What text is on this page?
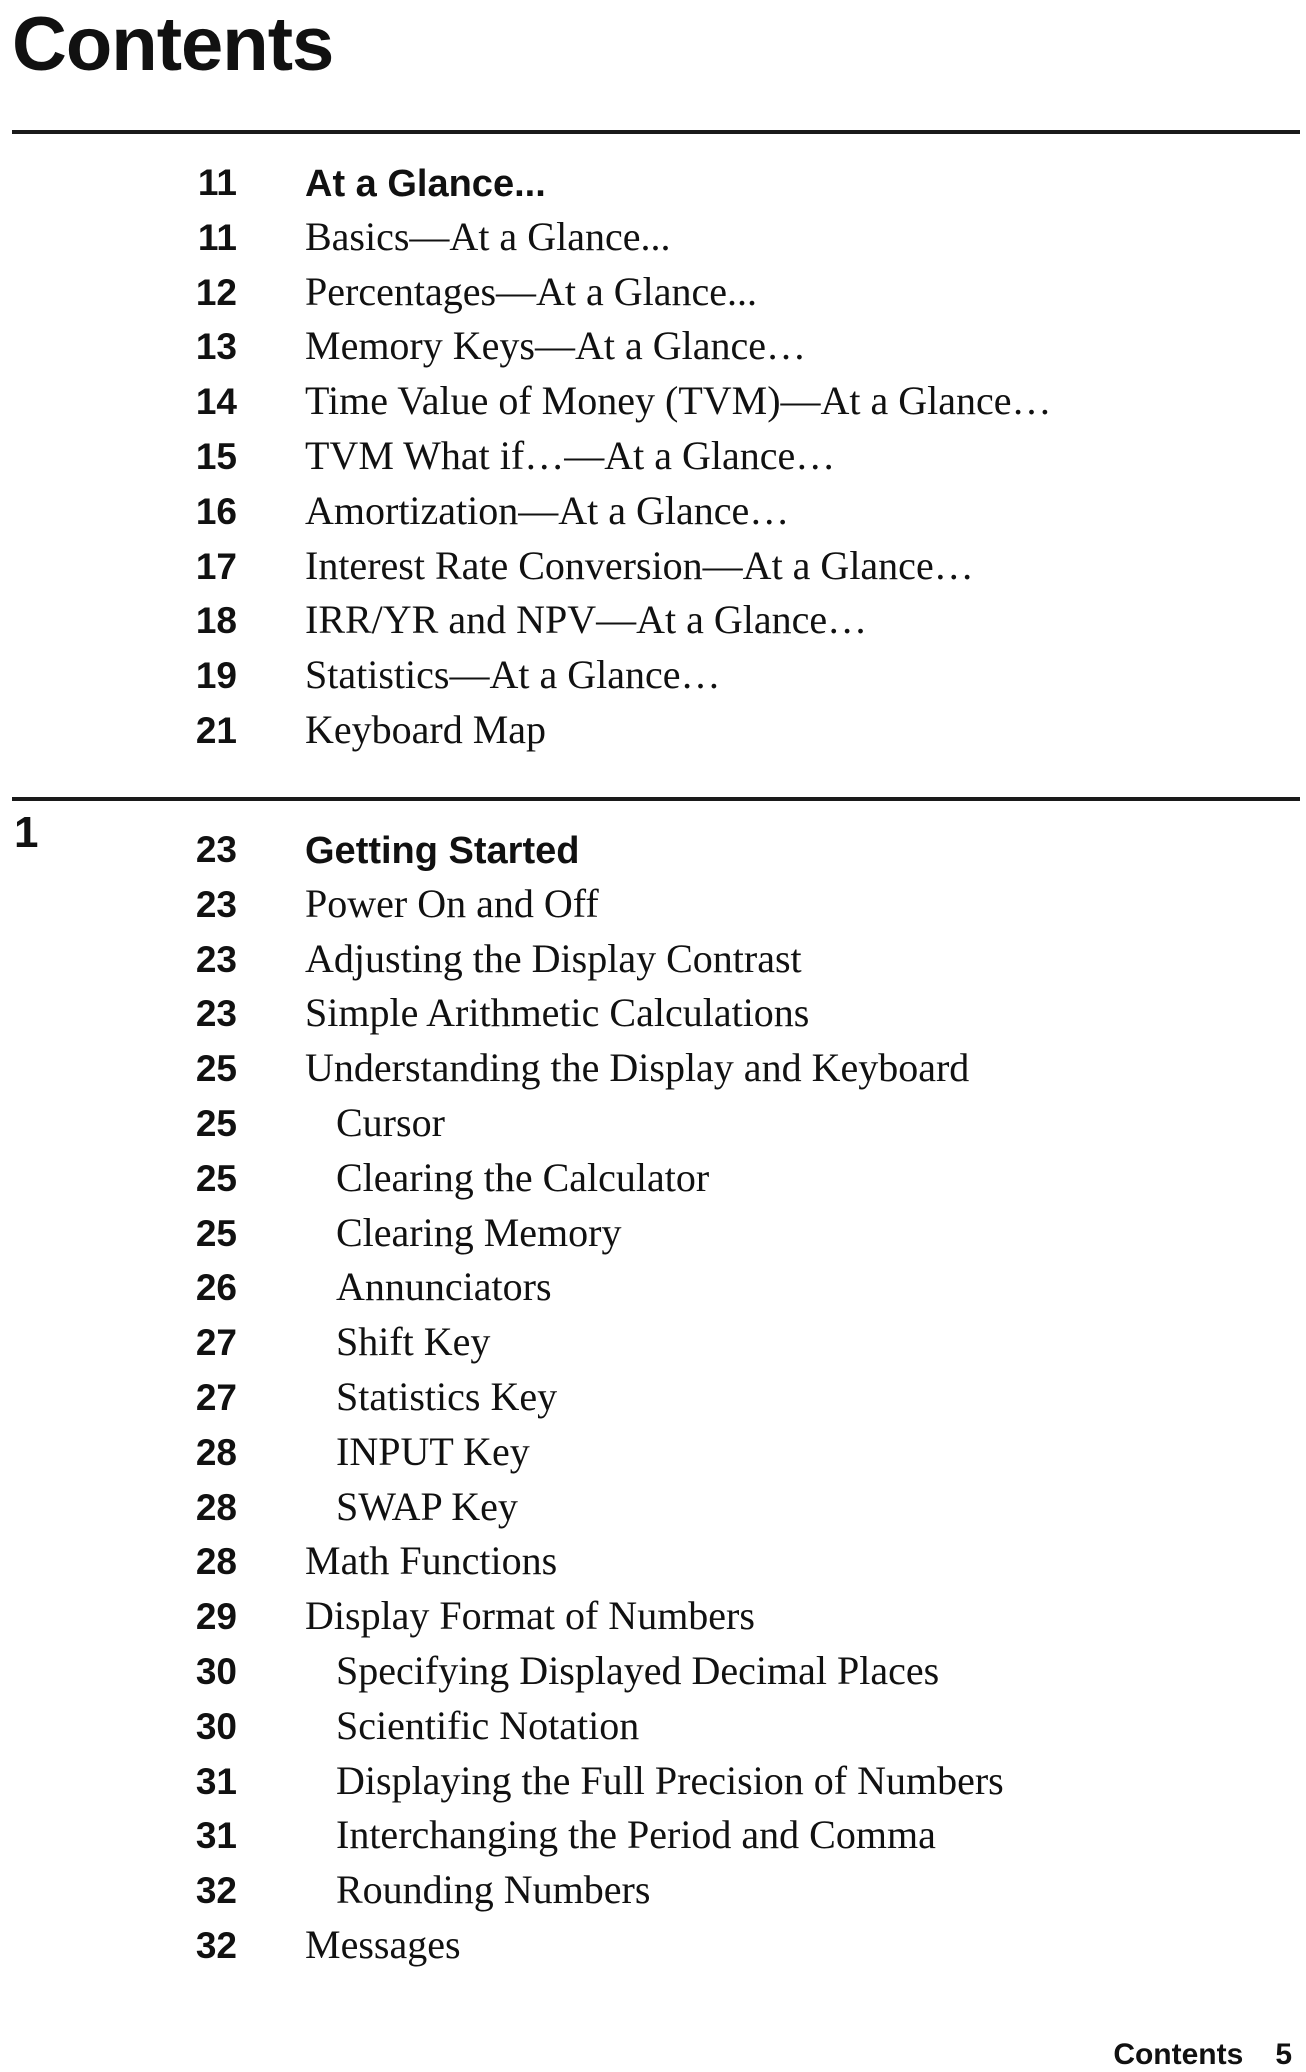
Contents
1
11 At a Glance...
11 Basics—At a Glance...
12 Percentages—At a Glance...
13 Memory Keys—At a Glance…
14 Time Value of Money (TVM)—At a Glance…
15 TVM What if…—At a Glance…
16 Amortization—At a Glance…
17 Interest Rate Conversion—At a Glance…
18 IRR/YR and NPV—At a Glance…
19 Statistics—At a Glance…
21 Keyboard Map
23 Getting Started
23 Power On and Off
23 Adjusting the Display Contrast
23 Simple Arithmetic Calculations
25 Understanding the Display and Keyboard
25 Cursor
25 Clearing the Calculator
25 Clearing Memory
26 Annunciators
27 Shift Key
27 Statistics Key
28 INPUT Key
28 SWAP Key
28 Math Functions
29 Display Format of Numbers
30 Specifying Displayed Decimal Places
30 Scientific Notation
31 Displaying the Full Precision of Numbers
31 Interchanging the Period and Comma
32 Rounding Numbers
32 Messages
Contents 5
